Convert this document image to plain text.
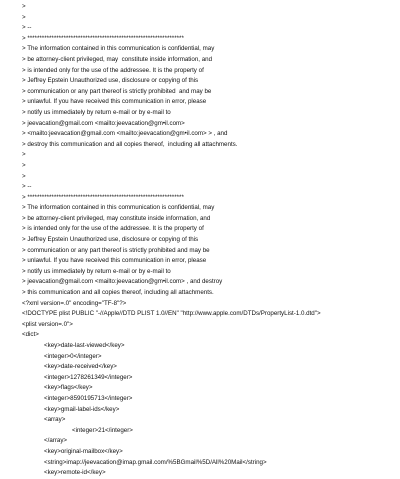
>
>
> --
> *****************************************************************
> The information contained in this communication is confidential, may
> be attorney-client privileged, may  constitute inside information, and
> is intended only for the use of the addressee. It is the property of
> Jeffrey Epstein Unauthorized use, disclosure or copying of this
> communication or any part thereof is strictly prohibited  and may be
> unlawful. If you have received this communication in error, please
> notify us immediately by return e-mail or by e-mail to
> jeevacation@gmail.com <mailto:jeevacation@gm•il.com>
> <mailto:jeevacation@gmail.com <mailto:jeevacation@gm•il.com> > , and
> destroy this communication and all copies thereof,  including all attachments.
>
>
>
> --
> *****************************************************************
> The information contained in this communication is confidential, may
> be attorney-client privileged, may constitute inside information, and
> is intended only for the use of the addressee. It is the property of
> Jeffrey Epstein Unauthorized use, disclosure or copying of this
> communication or any part thereof is strictly prohibited and may be
> unlawful. If you have received this communication in error, please
> notify us immediately by return e-mail or by e-mail to
> jeevacation@gmail.com <mailto:jeevacation@gm•il.com> , and destroy
> this communication and all copies thereof, including all attachments.
<?xml version=.0" encoding="TF-8"?>
<!DOCTYPE plist PUBLIC "-//Apple//DTD PLIST 1.0//EN" "http://www.apple.com/DTDs/PropertyList-1.0.dtd">
<plist version=.0">
<dict>
<key>date-last-viewed</key>
<integer>0</integer>
<key>date-received</key>
<integer>1278261349</integer>
<key>flags</key>
<integer>8590195713</integer>
<key>gmail-label-ids</key>
<array>
<integer>21</integer>
</array>
<key>original-mailbox</key>
<string>imap://jeevacation@imap.gmail.com/%5BGmail%5D/All%20Mail</string>
<key>remote-id</key>
